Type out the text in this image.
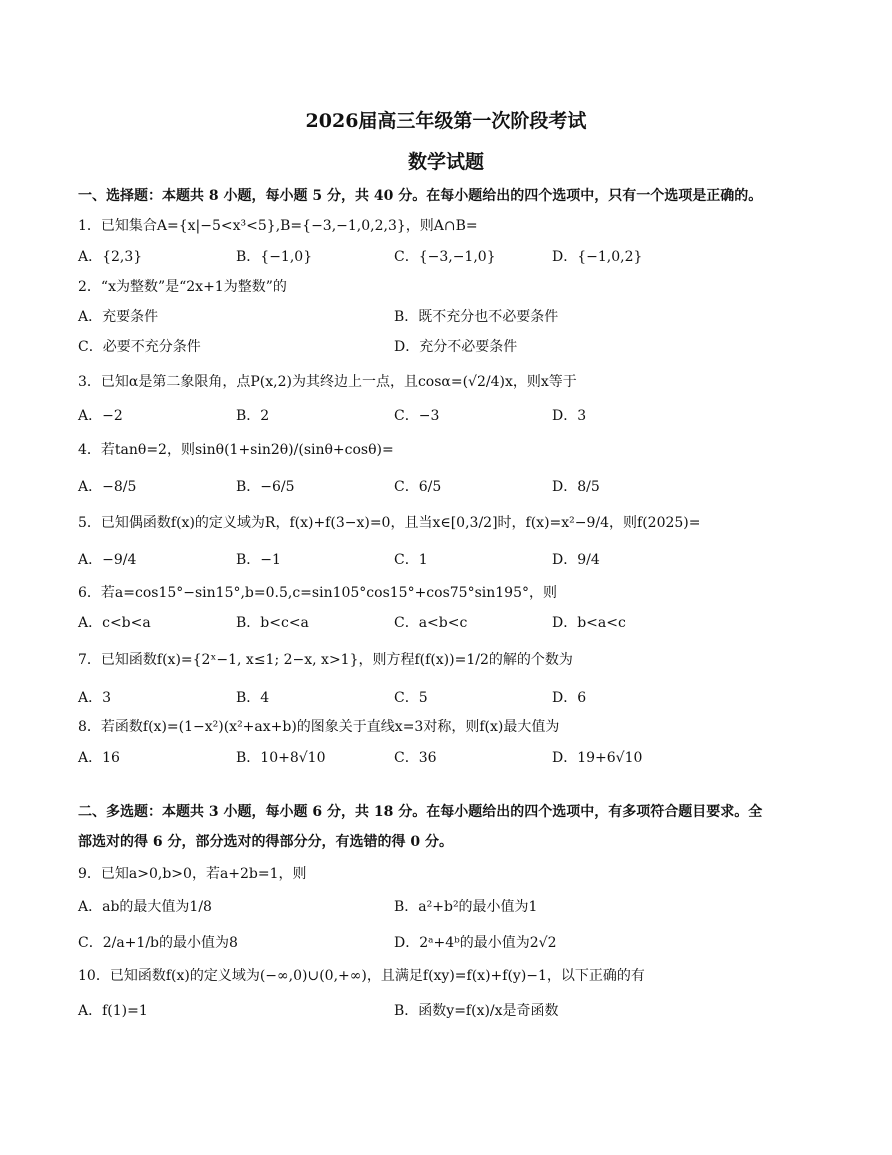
2026届高三年级第一次阶段考试
数学试题
一、选择题：本题共 8 小题，每小题 5 分，共 40 分。在每小题给出的四个选项中，只有一个选项是正确的。
1．已知集合A={x|−5<x³<5},B={−3,−1,0,2,3}，则A∩B=
A．{2,3}	B．{−1,0}	C．{−3,−1,0}	D．{−1,0,2}
2．“x为整数”是“2x+1为整数”的
A．充要条件	B．既不充分也不必要条件
C．必要不充分条件	D．充分不必要条件
3．已知α是第二象限角，点P(x,2)为其终边上一点，且cosα=(√2/4)x，则x等于
A．−2	B．2	C．−3	D．3
4．若tanθ=2，则sinθ(1+sin2θ)/(sinθ+cosθ)=
A．−8/5	B．−6/5	C．6/5	D．8/5
5．已知偶函数f(x)的定义域为R，f(x)+f(3−x)=0，且当x∈[0,3/2]时，f(x)=x²−9/4，则f(2025)=
A．−9/4	B．−1	C．1	D．9/4
6．若a=cos15°−sin15°,b=0.5,c=sin105°cos15°+cos75°sin195°，则
A．c<b<a	B．b<c<a	C．a<b<c	D．b<a<c
7．已知函数f(x)={2ˣ−1, x≤1; 2−x, x>1}，则方程f(f(x))=1/2的解的个数为
A．3	B．4	C．5	D．6
8．若函数f(x)=(1−x²)(x²+ax+b)的图象关于直线x=3对称，则f(x)最大值为
A．16	B．10+8√10	C．36	D．19+6√10
二、多选题：本题共 3 小题，每小题 6 分，共 18 分。在每小题给出的四个选项中，有多项符合题目要求。全
部选对的得 6 分，部分选对的得部分分，有选错的得 0 分。
9．已知a>0,b>0，若a+2b=1，则
A．ab的最大值为1/8	B．a²+b²的最小值为1
C．2/a+1/b的最小值为8	D．2ᵃ+4ᵇ的最小值为2√2
10．已知函数f(x)的定义域为(−∞,0)∪(0,+∞)，且满足f(xy)=f(x)+f(y)−1，以下正确的有
A．f(1)=1	B．函数y=f(x)/x是奇函数
